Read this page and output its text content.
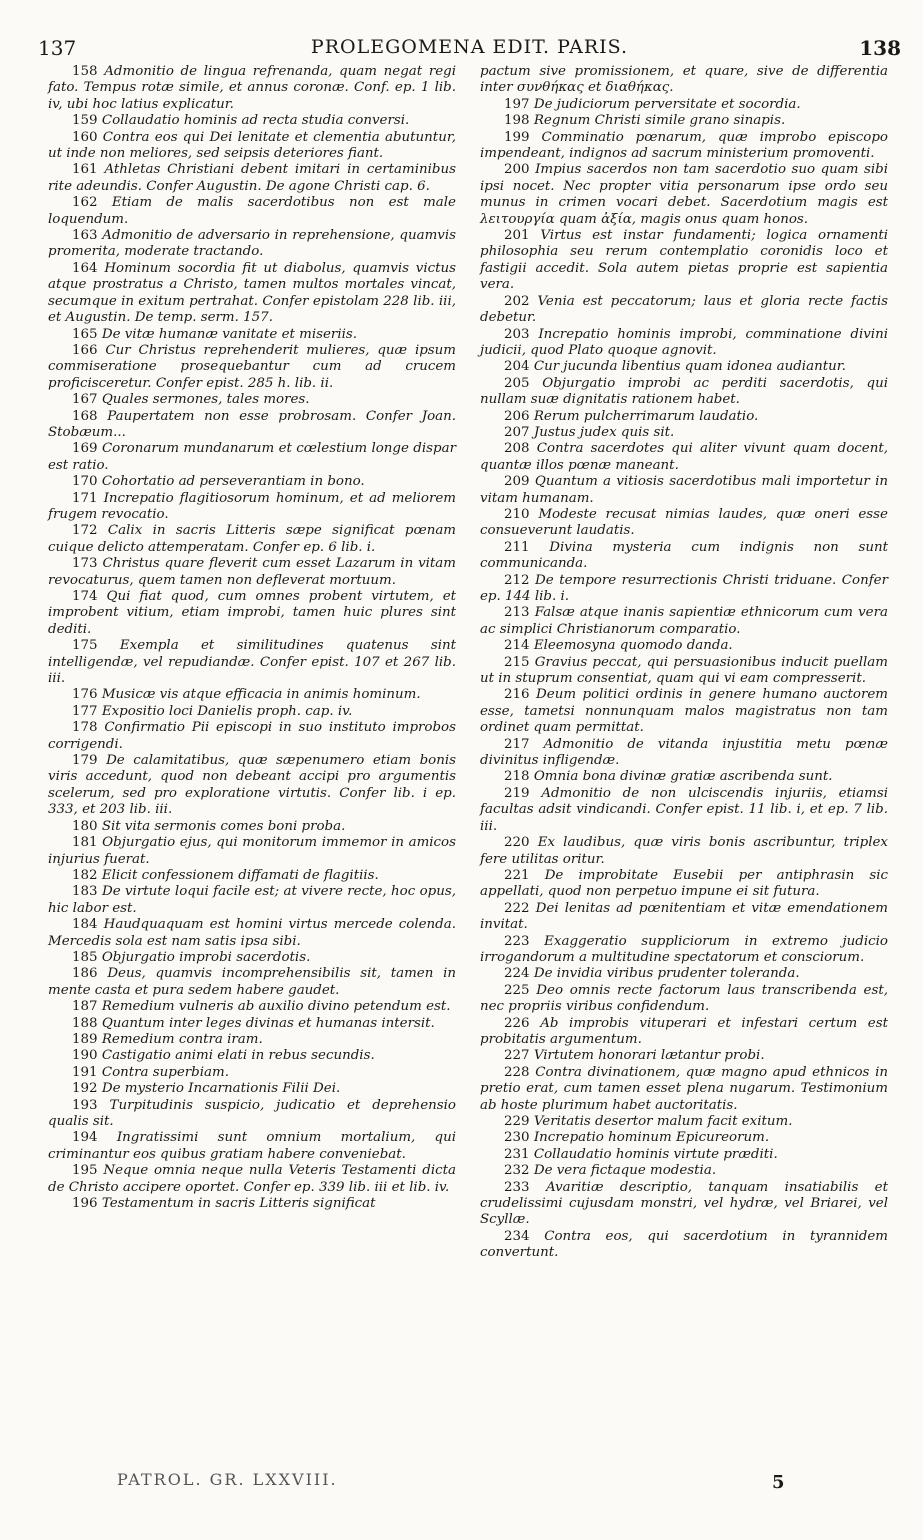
137	PROLEGOMENA EDIT. PARIS.	138

158 Admonitio de lingua refrenanda, quam negat regi fato. Tempus rotæ simile, et annus coronæ. Conf. ep. 1 lib. iv, ubi hoc latius explicatur.

159 Collaudatio hominis ad recta studia conversi.

160 Contra eos qui Dei lenitate et clementia abutuntur, ut inde non meliores, sed seipsis deteriores fiant.

161 Athletas Christiani debent imitari in certaminibus rite adeundis. Confer Augustin. De agone Christi cap. 6.

162 Etiam de malis sacerdotibus non est male loquendum.

163 Admonitio de adversario in reprehensione, quamvis promerita, moderate tractando.

164 Hominum socordia fit ut diabolus, quamvis victus atque prostratus a Christo, tamen multos mortales vincat, secumque in exitum pertrahat. Confer epistolam 228 lib. iii, et Augustin. De temp. serm. 157.

165 De vitæ humanæ vanitate et miseriis.

166 Cur Christus reprehenderit mulieres, quæ ipsum commiseratione prosequebantur cum ad crucem proficisceretur. Confer epist. 285 h. lib. ii.

167 Quales sermones, tales mores.

168 Paupertatem non esse probrosam. Confer Joan. Stobæum...

169 Coronarum mundanarum et cœlestium longe dispar est ratio.

170 Cohortatio ad perseverantiam in bono.

171 Increpatio flagitiosorum hominum, et ad meliorem frugem revocatio.

172 Calix in sacris Litteris sæpe significat pœnam cuique delicto attemperatam. Confer ep. 6 lib. i.

173 Christus quare fleverit cum esset Lazarum in vitam revocaturus, quem tamen non defleverat mortuum.

174 Qui fiat quod, cum omnes probent virtutem, et improbent vitium, etiam improbi, tamen huic plures sint dediti.

175 Exempla et similitudines quatenus sint intelligendæ, vel repudiandæ. Confer epist. 107 et 267 lib. iii.

176 Musicæ vis atque efficacia in animis hominum.

177 Expositio loci Danielis proph. cap. iv.

178 Confirmatio Pii episcopi in suo instituto improbos corrigendi.

179 De calamitatibus, quæ sæpenumero etiam bonis viris accedunt, quod non debeant accipi pro argumentis scelerum, sed pro exploratione virtutis. Confer lib. i ep. 333, et 203 lib. iii.

180 Sit vita sermonis comes boni proba.

181 Objurgatio ejus, qui monitorum immemor in amicos injurius fuerat.

182 Elicit confessionem diffamati de flagitiis.

183 De virtute loqui facile est; at vivere recte, hoc opus, hic labor est.

184 Haudquaquam est homini virtus mercede colenda. Mercedis sola est nam satis ipsa sibi.

185 Objurgatio improbi sacerdotis.

186 Deus, quamvis incomprehensibilis sit, tamen in mente casta et pura sedem habere gaudet.

187 Remedium vulneris ab auxilio divino petendum est.

188 Quantum inter leges divinas et humanas intersit.

189 Remedium contra iram.

190 Castigatio animi elati in rebus secundis.

191 Contra superbiam.

192 De mysterio Incarnationis Filii Dei.

193 Turpitudinis suspicio, judicatio et deprehensio qualis sit.

194 Ingratissimi sunt omnium mortalium, qui criminantur eos quibus gratiam habere conveniebat.

195 Neque omnia neque nulla Veteris Testamenti dicta de Christo accipere oportet. Confer ep. 339 lib. iii et lib. iv.

196 Testamentum in sacris Litteris significat

pactum sive promissionem, et quare, sive de differentia inter συνθήκας et διαθήκας.

197 De judiciorum perversitate et socordia.

198 Regnum Christi simile grano sinapis.

199 Comminatio pœnarum, quæ improbo episcopo impendeant, indignos ad sacrum ministerium promoventi.

200 Impius sacerdos non tam sacerdotio suo quam sibi ipsi nocet. Nec propter vitia personarum ipse ordo seu munus in crimen vocari debet. Sacerdotium magis est λειτουργία quam ἀξία, magis onus quam honos.

201 Virtus est instar fundamenti; logica ornamenti philosophia seu rerum contemplatio coronidis loco et fastigii accedit. Sola autem pietas proprie est sapientia vera.

202 Venia est peccatorum; laus et gloria recte factis debetur.

203 Increpatio hominis improbi, comminatione divini judicii, quod Plato quoque agnovit.

204 Cur jucunda libentius quam idonea audiantur.

205 Objurgatio improbi ac perditi sacerdotis, qui nullam suæ dignitatis rationem habet.

206 Rerum pulcherrimarum laudatio.

207 Justus judex quis sit.

208 Contra sacerdotes qui aliter vivunt quam docent, quantæ illos pœnæ maneant.

209 Quantum a vitiosis sacerdotibus mali importetur in vitam humanam.

210 Modeste recusat nimias laudes, quæ oneri esse consueverunt laudatis.

211 Divina mysteria cum indignis non sunt communicanda.

212 De tempore resurrectionis Christi triduane. Confer ep. 144 lib. i.

213 Falsæ atque inanis sapientiæ ethnicorum cum vera ac simplici Christianorum comparatio.

214 Eleemosyna quomodo danda.

215 Gravius peccat, qui persuasionibus inducit puellam ut in stuprum consentiat, quam qui vi eam compresserit.

216 Deum politici ordinis in genere humano auctorem esse, tametsi nonnunquam malos magistratus non tam ordinet quam permittat.

217 Admonitio de vitanda injustitia metu pœnæ divinitus infligendæ.

218 Omnia bona divinæ gratiæ ascribenda sunt.

219 Admonitio de non ulciscendis injuriis, etiamsi facultas adsit vindicandi. Confer epist. 11 lib. i, et ep. 7 lib. iii.

220 Ex laudibus, quæ viris bonis ascribuntur, triplex fere utilitas oritur.

221 De improbitate Eusebii per antiphrasin sic appellati, quod non perpetuo impune ei sit futura.

222 Dei lenitas ad pœnitentiam et vitæ emendationem invitat.

223 Exaggeratio suppliciorum in extremo judicio irrogandorum a multitudine spectatorum et consciorum.

224 De invidia viribus prudenter toleranda.

225 Deo omnis recte factorum laus transcribenda est, nec propriis viribus confidendum.

226 Ab improbis vituperari et infestari certum est probitatis argumentum.

227 Virtutem honorari lætantur probi.

228 Contra divinationem, quæ magno apud ethnicos in pretio erat, cum tamen esset plena nugarum. Testimonium ab hoste plurimum habet auctoritatis.

229 Veritatis desertor malum facit exitum.

230 Increpatio hominum Epicureorum.

231 Collaudatio hominis virtute præditi.

232 De vera fictaque modestia.

233 Avaritiæ descriptio, tanquam insatiabilis et crudelissimi cujusdam monstri, vel hydræ, vel Briarei, vel Scyllæ.

234 Contra eos, qui sacerdotium in tyrannidem convertunt.

PATROL. GR. LXXVIII.	5
